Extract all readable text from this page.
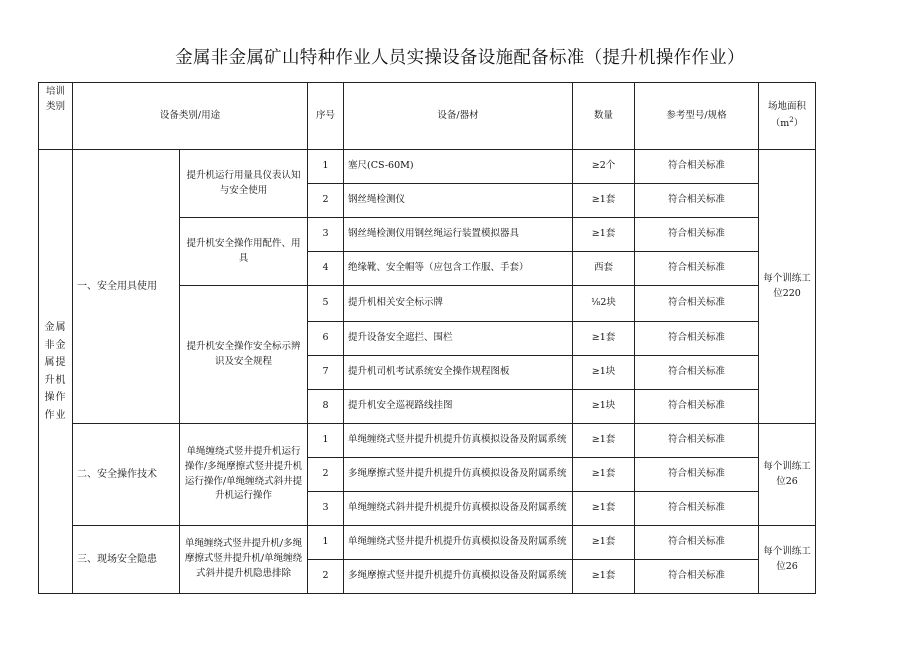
金属非金属矿山特种作业人员实操设备设施配备标准（提升机操作作业）
培训类别	设备类别/用途		序号	设备/器材	数量	参考型号/规格	场地面积$(m^2)$
金属非金属提升机操作作业	一、安全用具使用	提升机运行用量具仪表认知与安全使用	1	塞尺(CS-60M)	≥2个	符合相关标准	每个训练工位220
			2	钢丝绳检测仪	≥1套	符合相关标准	
		提升机安全操作用配件、用具	3	钢丝绳检测仪用钢丝绳运行装置模拟器具	≥1套	符合相关标准	
			4	绝缘靴、安全帽等（应包含工作服、手套）	西套	符合相关标准	
		提升机安全操作安全标示辨识及安全规程	5	提升机相关安全标示牌	⅛2块	符合相关标准	
			6	提升设备安全遮拦、围栏	≥1套	符合相关标准	
			7	提升机司机考试系统安全操作规程图板	≥1块	符合相关标准	
			8	提升机安全巡视路线挂图	≥1块	符合相关标准	
	二、安全操作技术	单绳缠绕式竖井提升机运行操作/多绳摩擦式竖井提升机运行操作/单绳缠绕式斜井提升机运行操作	1	单绳缠绕式竖井提升机提升仿真模拟设备及附属系统	≥1套	符合相关标准	每个训练工位26
			2	多绳摩擦式竖井提升机提升仿真模拟设备及附属系统	≥1套	符合相关标准	
			3	单绳缠绕式斜井提升机提升仿真模拟设备及附属系统	≥1套	符合相关标准	
	三、现场安全隐患	单绳缠绕式竖井提升机/多绳摩擦式竖井提升机/单绳缠绕式斜井提升机隐患排除	1	单绳缠绕式竖井提升机提升仿真模拟设备及附属系统	≥1套	符合相关标准	每个训练工位26
			2	多绳摩擦式竖井提升机提升仿真模拟设备及附属系统	≥1套	符合相关标准	
